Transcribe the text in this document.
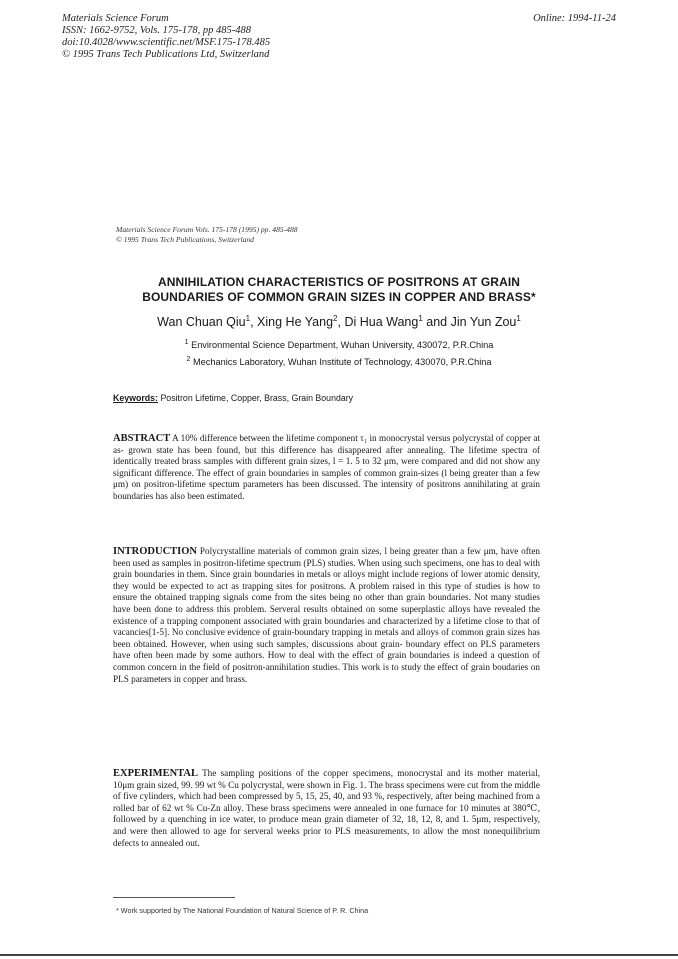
Materials Science Forum
ISSN: 1662-9752, Vols. 175-178, pp 485-488
doi:10.4028/www.scientific.net/MSF.175-178.485
© 1995 Trans Tech Publications Ltd, Switzerland
Online: 1994-11-24
Materials Science Forum Vols. 175-178 (1995) pp. 485-488
© 1995 Trans Tech Publications, Switzerland
ANNIHILATION CHARACTERISTICS OF POSITRONS AT GRAIN
BOUNDARIES OF COMMON GRAIN SIZES IN COPPER AND BRASS*
Wan Chuan Qiu$^1$, Xing He Yang$^2$, Di Hua Wang$^1$ and Jin Yun Zou$^1$
$^1$ Environmental Science Department, Wuhan University, 430072, P.R.China
$^2$ Mechanics Laboratory, Wuhan Institute of Technology, 430070, P.R.China
Keywords: Positron Lifetime, Copper, Brass, Grain Boundary
ABSTRACT A 10% difference between the lifetime component τ₁ in monocrystal versus polycrystal of copper at as- grown state has been found, but this difference has disappeared after annealing. The lifetime spectra of identically treated brass samples with different grain sizes, l = 1. 5 to 32 μm, were compared and did not show any significant difference. The effect of grain boundaries in samples of common grain-sizes (l being greater than a few μm) on positron-lifetime spectum parameters has been discussed. The intensity of positrons annihilating at grain boundaries has also been estimated.
INTRODUCTION Polycrystalline materials of common grain sizes, l being greater than a few μm, have often been used as samples in positron-lifetime spectrum (PLS) studies. When using such specimens, one has to deal with grain boundaries in them. Since grain boundaries in metals or alloys might include regions of lower atomic density, they would be expected to act as trapping sites for positrons. A problem raised in this type of studies is how to ensure the obtained trapping signals come from the sites being no other than grain boundaries. Not many studies have been done to address this problem. Serveral results obtained on some superplastic alloys have revealed the existence of a trapping component associated with grain boundaries and characterized by a lifetime close to that of vacancies[1-5]. No conclusive evidence of grain-boundary trapping in metals and alloys of common grain sizes has been obtained. However, when using such samples, discussions about grain- boundary effect on PLS parameters have often been made by some authors. How to deal with the effect of grain boundaries is indeed a question of common concern in the field of positron-annihilation studies. This work is to study the effect of grain boudaries on PLS parameters in copper and brass.
EXPERIMENTAL The sampling positions of the copper specimens, monocrystal and its mother material, 10μm grain sized, 99. 99 wt % Cu polycrystal, were shown in Fig. 1. The brass specimens were cut from the middle of five cylinders, which had been compressed by 5, 15, 25, 40, and 93 %, respectively, after being machined from a rolled bar of 62 wt % Cu-Zn alloy. These brass specimens were annealed in one furnace for 10 minutes at 380℃, followed by a quenching in ice water, to produce mean grain diameter of 32, 18, 12, 8, and 1. 5μm, respectively, and were then allowed to age for serveral weeks prior to PLS measurements, to allow the most nonequilibrium defects to annealed out.
* Work supported by The National Foundation of Natural Science of P. R. China
